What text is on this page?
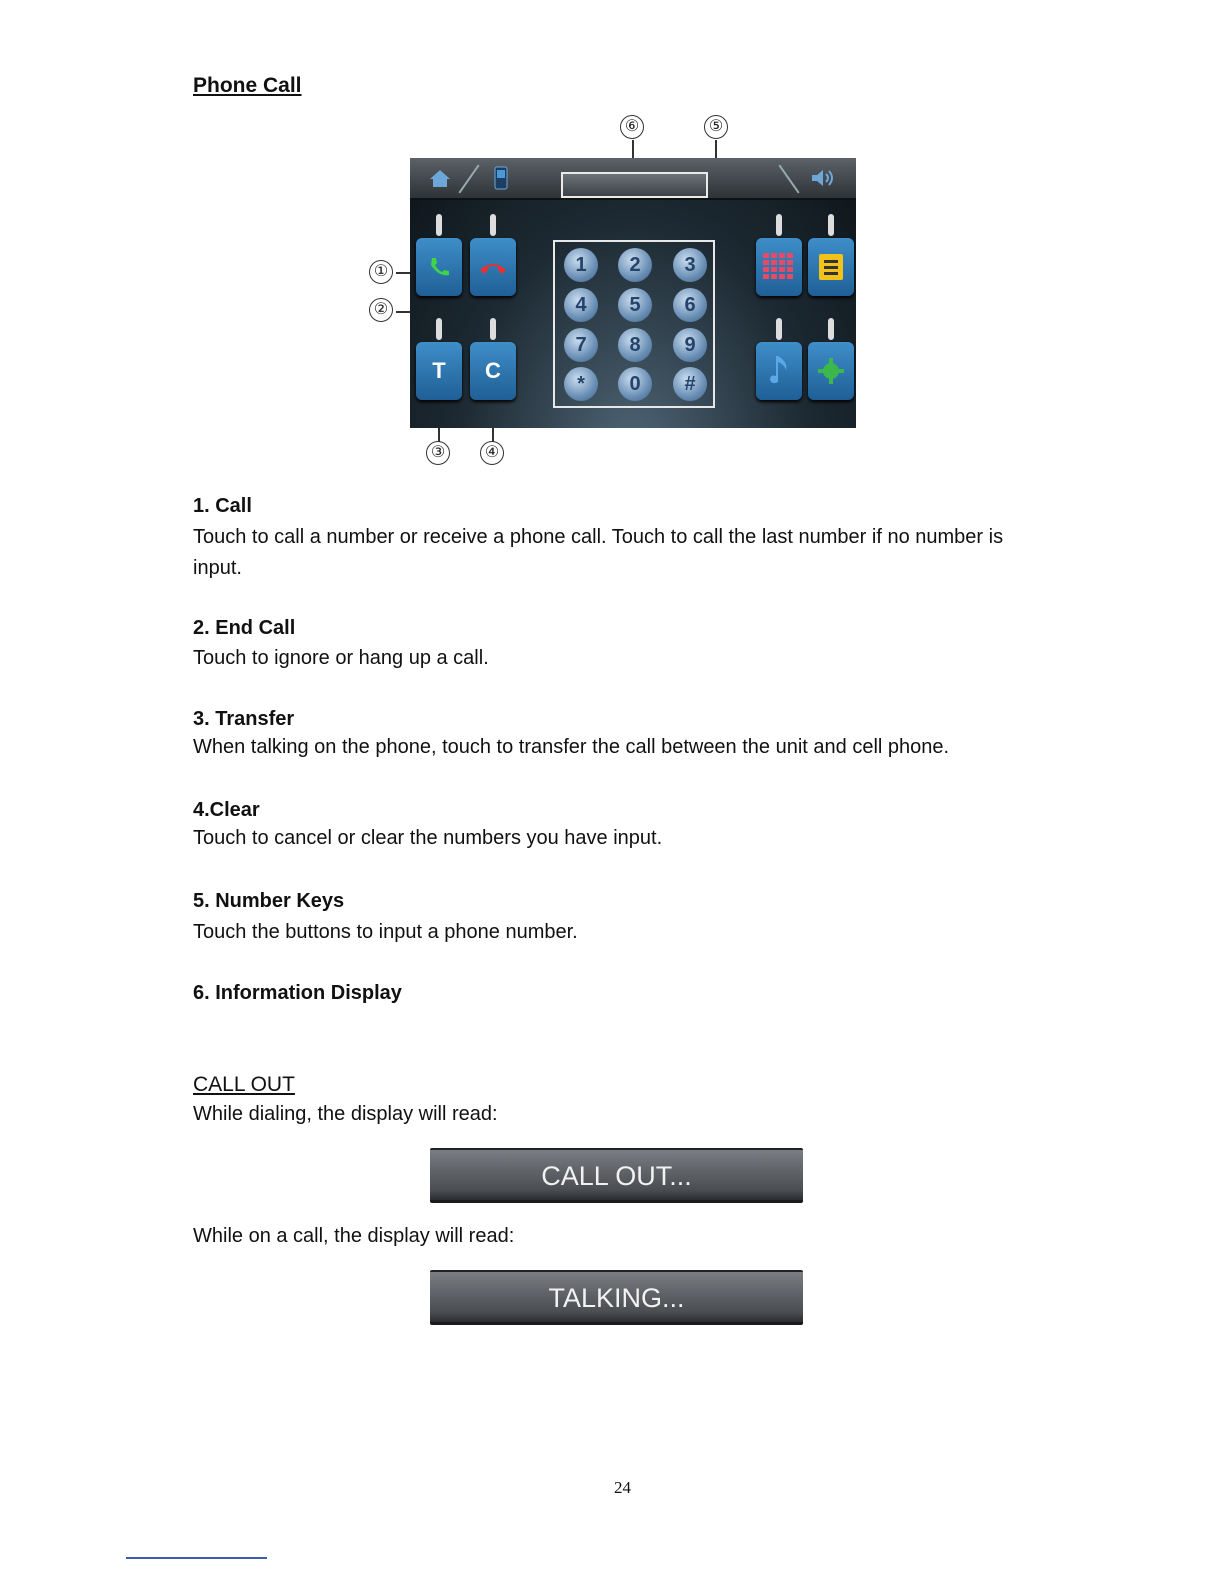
Phone Call
⑥	⑤
①
②
③	④
T	C
1	2	3
4	5	6
7	8	9
*	0	#
1. Call
Touch to call a number or receive a phone call. Touch to call the last number if no number is input.
2. End Call
Touch to ignore or hang up a call.
3. Transfer
When talking on the phone, touch to transfer the call between the unit and cell phone.
4.Clear
Touch to cancel or clear the numbers you have input.
5. Number Keys
Touch the buttons to input a phone number.
6. Information Display
CALL OUT
While dialing, the display will read:
CALL OUT...
While on a call, the display will read:
TALKING...
24
